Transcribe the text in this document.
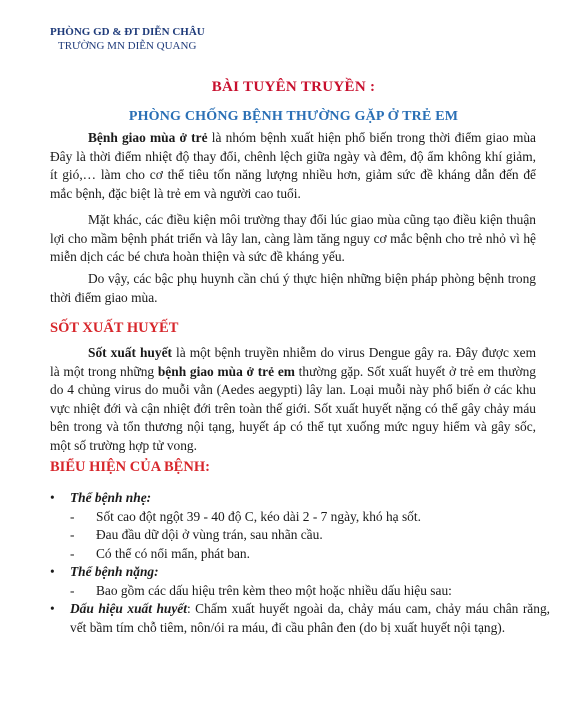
PHÒNG GD & ĐT DIỄN CHÂU
TRƯỜNG MN DIỄN QUANG
BÀI TUYÊN TRUYỀN :
PHÒNG CHỐNG BỆNH THƯỜNG GẶP Ở TRẺ EM
Bệnh giao mùa ở trẻ là nhóm bệnh xuất hiện phổ biến trong thời điểm giao mùa Đây là thời điểm nhiệt độ thay đổi, chênh lệch giữa ngày và đêm, độ ẩm không khí giảm, ít gió,… làm cho cơ thể tiêu tốn năng lượng nhiều hơn, giảm sức đề kháng dẫn đến để mắc bệnh, đặc biệt là trẻ em và người cao tuổi.
Mặt khác, các điều kiện môi trường thay đổi lúc giao mùa cũng tạo điều kiện thuận lợi cho mầm bệnh phát triển và lây lan, càng làm tăng nguy cơ mắc bệnh cho trẻ nhỏ vì hệ miễn dịch các bé chưa hoàn thiện và sức đề kháng yếu.
Do vậy, các bậc phụ huynh cần chú ý thực hiện những biện pháp phòng bệnh trong thời điểm giao mùa.
SỐT XUẤT HUYẾT
Sốt xuất huyết là một bệnh truyền nhiễm do virus Dengue gây ra. Đây được xem là một trong những bệnh giao mùa ở trẻ em thường gặp. Sốt xuất huyết ở trẻ em thường do 4 chủng virus do muỗi vằn (Aedes aegypti) lây lan. Loại muỗi này phổ biến ở các khu vực nhiệt đới và cận nhiệt đới trên toàn thế giới. Sốt xuất huyết nặng có thể gây chảy máu bên trong và tổn thương nội tạng, huyết áp có thể tụt xuống mức nguy hiểm và gây sốc, một số trường hợp tử vong.
BIỂU HIỆN CỦA BỆNH:
• Thể bệnh nhẹ:
- Sốt cao đột ngột 39 - 40 độ C, kéo dài 2 - 7 ngày, khó hạ sốt.
- Đau đầu dữ dội ở vùng trán, sau nhãn cầu.
- Có thể có nổi mẩn, phát ban.
• Thể bệnh nặng:
- Bao gồm các dấu hiệu trên kèm theo một hoặc nhiều dấu hiệu sau:
• Dấu hiệu xuất huyết: Chấm xuất huyết ngoài da, chảy máu cam, chảy máu chân răng, vết bầm tím chỗ tiêm, nôn/ói ra máu, đi cầu phân đen (do bị xuất huyết nội tạng).
